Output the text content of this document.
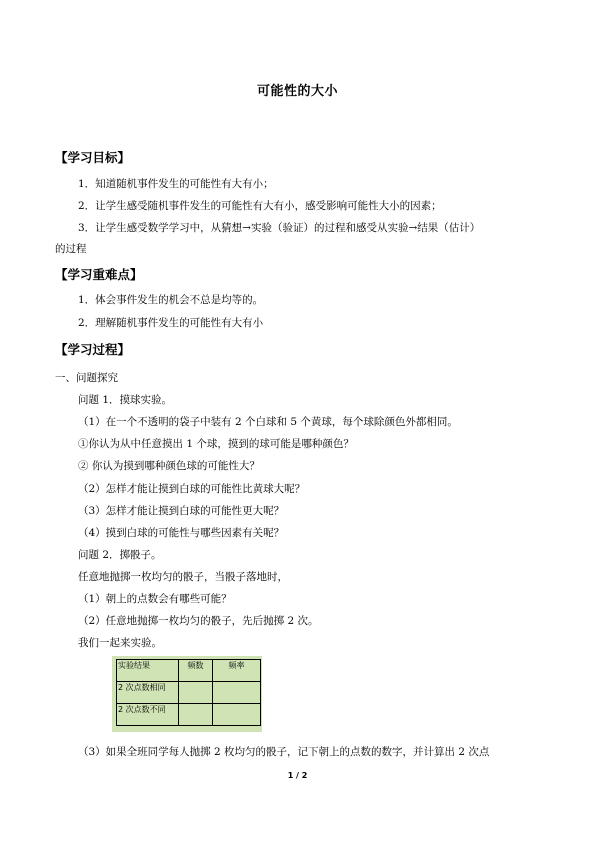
可能性的大小
【学习目标】
1．知道随机事件发生的可能性有大有小；
2．让学生感受随机事件发生的可能性有大有小，感受影响可能性大小的因素；
3．让学生感受数学学习中，从猜想→实验（验证）的过程和感受从实验→结果（估计）
的过程
【学习重难点】
1．体会事件发生的机会不总是均等的。
2．理解随机事件发生的可能性有大有小
【学习过程】
一、问题探究
问题 1．摸球实验。
（1）在一个不透明的袋子中装有 2 个白球和 5 个黄球，每个球除颜色外都相同。
①你认为从中任意摸出 1 个球，摸到的球可能是哪种颜色？
② 你认为摸到哪种颜色球的可能性大？
（2）怎样才能让摸到白球的可能性比黄球大呢？
（3）怎样才能让摸到白球的可能性更大呢？
（4）摸到白球的可能性与哪些因素有关呢？
问题 2．掷骰子。
任意地抛掷一枚均匀的骰子，当骰子落地时，
（1）朝上的点数会有哪些可能？
（2）任意地抛掷一枚均匀的骰子，先后抛掷 2 次。
我们一起来实验。
实验结果	频数	频率
2 次点数相同		
2 次点数不同		
（3）如果全班同学每人抛掷 2 枚均匀的骰子，记下朝上的点数的数字，并计算出 2 次点
1 / 2
